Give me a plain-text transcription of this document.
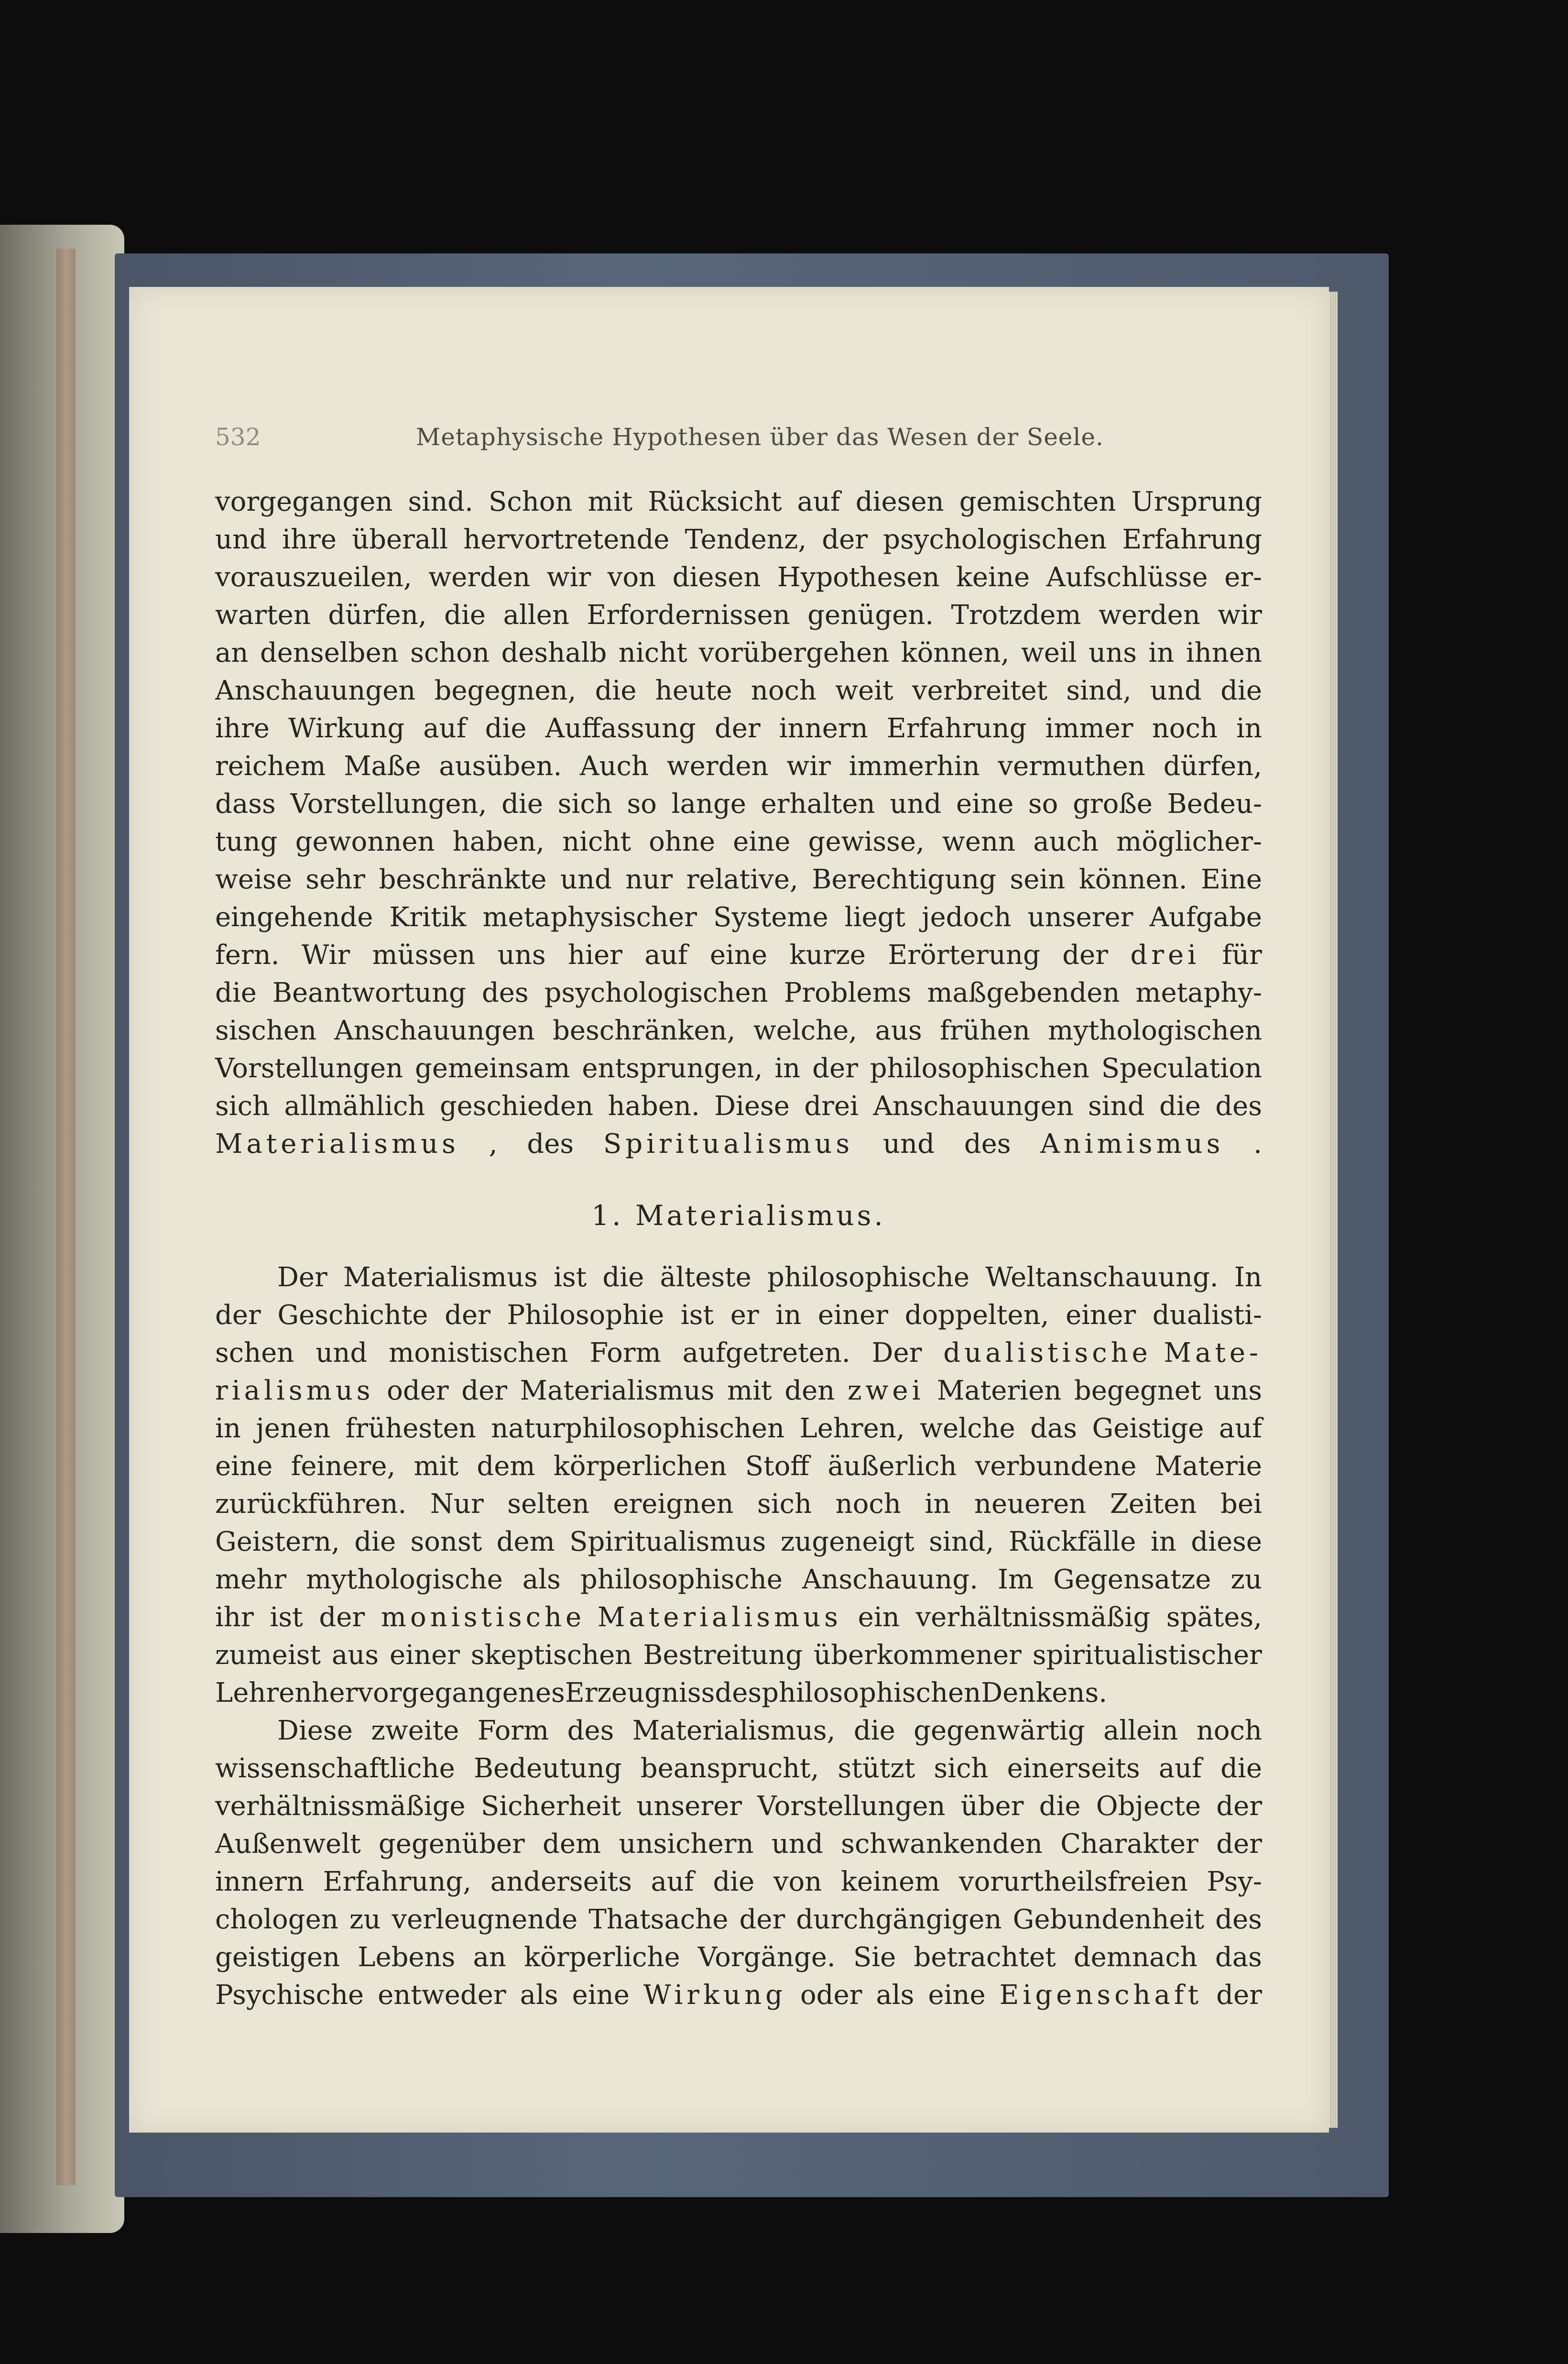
532	Metaphysische Hypothesen über das Wesen der Seele.
vorgegangen sind. Schon mit Rücksicht auf diesen gemischten Ursprung
und ihre überall hervortretende Tendenz, der psychologischen Erfahrung
vorauszueilen, werden wir von diesen Hypothesen keine Aufschlüsse er-
warten dürfen, die allen Erfordernissen genügen. Trotzdem werden wir
an denselben schon deshalb nicht vorübergehen können, weil uns in ihnen
Anschauungen begegnen, die heute noch weit verbreitet sind, und die
ihre Wirkung auf die Auffassung der innern Erfahrung immer noch in
reichem Maße ausüben. Auch werden wir immerhin vermuthen dürfen,
dass Vorstellungen, die sich so lange erhalten und eine so große Bedeu-
tung gewonnen haben, nicht ohne eine gewisse, wenn auch möglicher-
weise sehr beschränkte und nur relative, Berechtigung sein können. Eine
eingehende Kritik metaphysischer Systeme liegt jedoch unserer Aufgabe
fern. Wir müssen uns hier auf eine kurze Erörterung der drei für
die Beantwortung des psychologischen Problems maßgebenden metaphy-
sischen Anschauungen beschränken, welche, aus frühen mythologischen
Vorstellungen gemeinsam entsprungen, in der philosophischen Speculation
sich allmählich geschieden haben. Diese drei Anschauungen sind die des
Materialismus , des Spiritualismus und des Animismus .
1. Materialismus.
Der Materialismus ist die älteste philosophische Weltanschauung. In
der Geschichte der Philosophie ist er in einer doppelten, einer dualisti-
schen und monistischen Form aufgetreten. Der dualistische Mate-
rialismus oder der Materialismus mit den zwei Materien begegnet uns
in jenen frühesten naturphilosophischen Lehren, welche das Geistige auf
eine feinere, mit dem körperlichen Stoff äußerlich verbundene Materie
zurückführen. Nur selten ereignen sich noch in neueren Zeiten bei
Geistern, die sonst dem Spiritualismus zugeneigt sind, Rückfälle in diese
mehr mythologische als philosophische Anschauung. Im Gegensatze zu
ihr ist der monistische Materialismus ein verhältnissmäßig spätes,
zumeist aus einer skeptischen Bestreitung überkommener spiritualistischer
Lehren hervorgegangenes Erzeugniss des philosophischen Denkens.
Diese zweite Form des Materialismus, die gegenwärtig allein noch
wissenschaftliche Bedeutung beansprucht, stützt sich einerseits auf die
verhältnissmäßige Sicherheit unserer Vorstellungen über die Objecte der
Außenwelt gegenüber dem unsichern und schwankenden Charakter der
innern Erfahrung, anderseits auf die von keinem vorurtheilsfreien Psy-
chologen zu verleugnende Thatsache der durchgängigen Gebundenheit des
geistigen Lebens an körperliche Vorgänge. Sie betrachtet demnach das
Psychische entweder als eine Wirkung oder als eine Eigenschaft der
